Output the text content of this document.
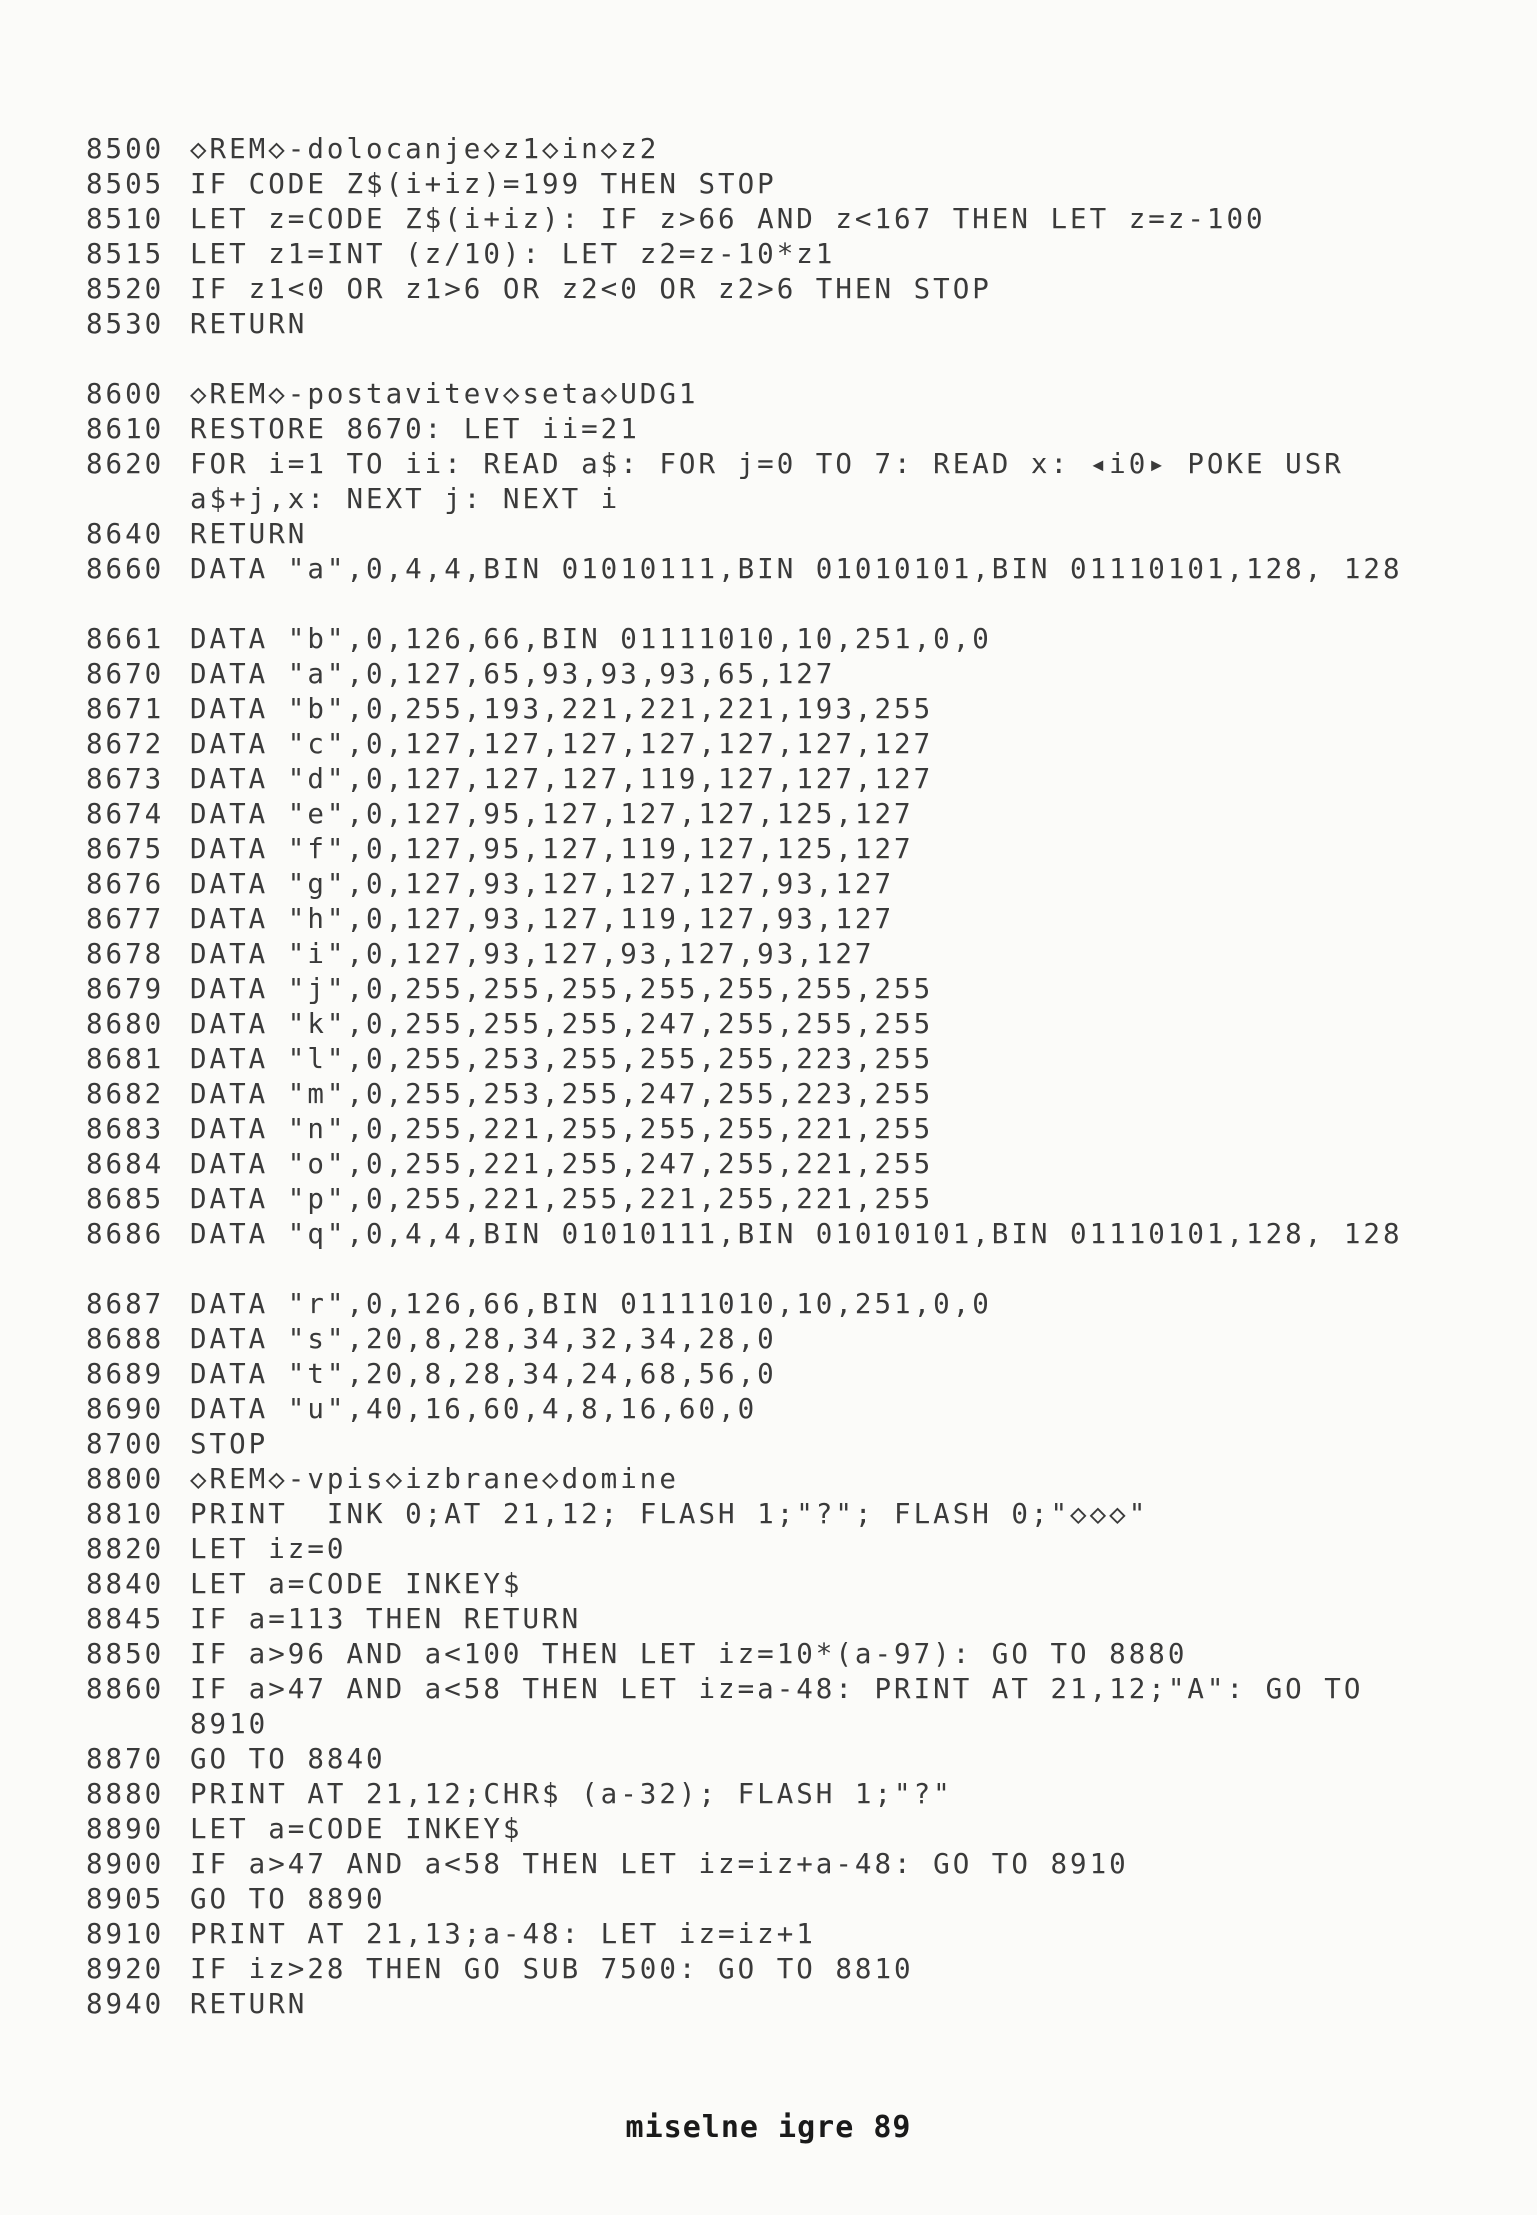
8500 ◇REM◇-dolocanje◇z1◇in◇z2
8505 IF CODE Z$(i+iz)=199 THEN STOP
8510 LET z=CODE Z$(i+iz): IF z>66 AND z<167 THEN LET z=z-100
8515 LET z1=INT (z/10): LET z2=z-10*z1
8520 IF z1<0 OR z1>6 OR z2<0 OR z2>6 THEN STOP
8530 RETURN
8600 ◇REM◇-postavitev◇seta◇UDG1
8610 RESTORE 8670: LET ii=21
8620 FOR i=1 TO ii: READ a$: FOR j=0 TO 7: READ x: ◂i0▸ POKE USR a$+j,x: NEXT j: NEXT i
8640 RETURN
8660 DATA "a",0,4,4,BIN 01010111,BIN 01010101,BIN 01110101,128, 128
8661 DATA "b",0,126,66,BIN 01111010,10,251,0,0
8670 DATA "a",0,127,65,93,93,93,65,127
8671 DATA "b",0,255,193,221,221,221,193,255
8672 DATA "c",0,127,127,127,127,127,127,127
8673 DATA "d",0,127,127,127,119,127,127,127
8674 DATA "e",0,127,95,127,127,127,125,127
8675 DATA "f",0,127,95,127,119,127,125,127
8676 DATA "g",0,127,93,127,127,127,93,127
8677 DATA "h",0,127,93,127,119,127,93,127
8678 DATA "i",0,127,93,127,93,127,93,127
8679 DATA "j",0,255,255,255,255,255,255,255
8680 DATA "k",0,255,255,255,247,255,255,255
8681 DATA "l",0,255,253,255,255,255,223,255
8682 DATA "m",0,255,253,255,247,255,223,255
8683 DATA "n",0,255,221,255,255,255,221,255
8684 DATA "o",0,255,221,255,247,255,221,255
8685 DATA "p",0,255,221,255,221,255,221,255
8686 DATA "q",0,4,4,BIN 01010111,BIN 01010101,BIN 01110101,128, 128
8687 DATA "r",0,126,66,BIN 01111010,10,251,0,0
8688 DATA "s",20,8,28,34,32,34,28,0
8689 DATA "t",20,8,28,34,24,68,56,0
8690 DATA "u",40,16,60,4,8,16,60,0
8700 STOP
8800 ◇REM◇-vpis◇izbrane◇domine
8810 PRINT  INK 0;AT 21,12; FLASH 1;"?"; FLASH 0;"◇◇◇"
8820 LET iz=0
8840 LET a=CODE INKEY$
8845 IF a=113 THEN RETURN
8850 IF a>96 AND a<100 THEN LET iz=10*(a-97): GO TO 8880
8860 IF a>47 AND a<58 THEN LET iz=a-48: PRINT AT 21,12;"A": GO TO 8910
8870 GO TO 8840
8880 PRINT AT 21,12;CHR$ (a-32); FLASH 1;"?"
8890 LET a=CODE INKEY$
8900 IF a>47 AND a<58 THEN LET iz=iz+a-48: GO TO 8910
8905 GO TO 8890
8910 PRINT AT 21,13;a-48: LET iz=iz+1
8920 IF iz>28 THEN GO SUB 7500: GO TO 8810
8940 RETURN
miselne igre 89
